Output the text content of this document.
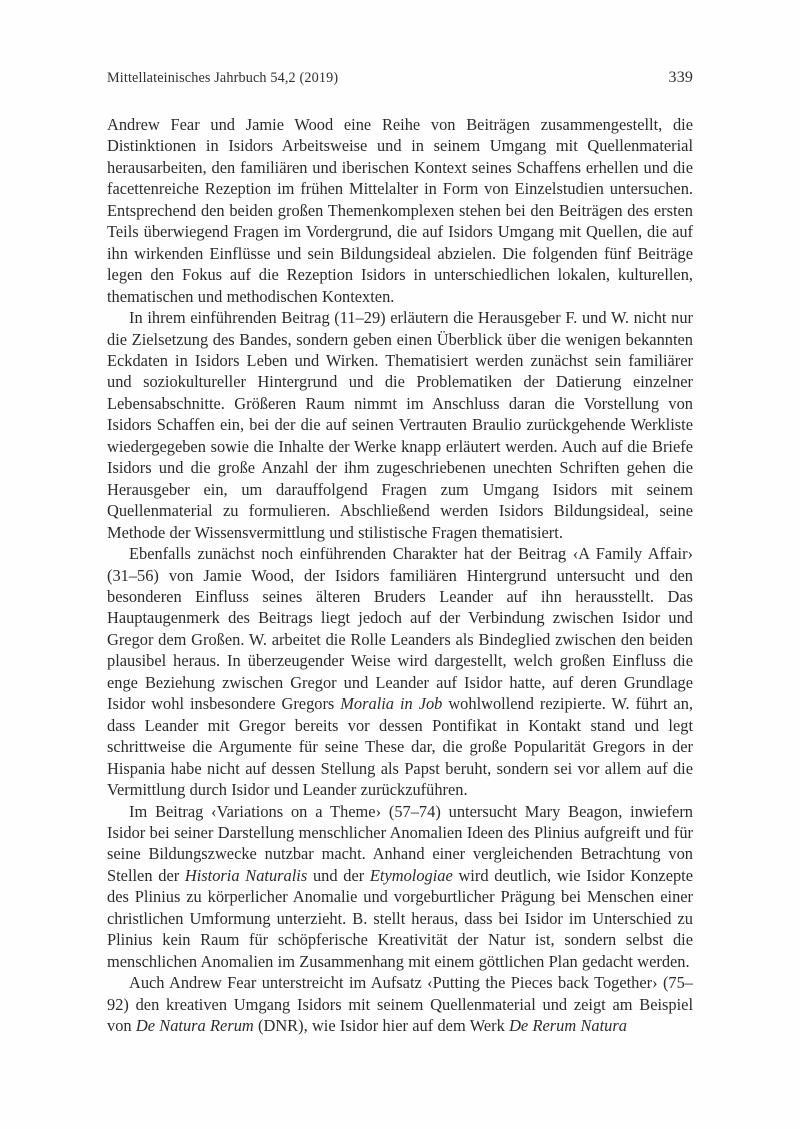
Mittellateinisches Jahrbuch 54,2 (2019)	339

Andrew Fear und Jamie Wood eine Reihe von Beiträgen zusammengestellt, die Distinktionen in Isidors Arbeitsweise und in seinem Umgang mit Quellenmaterial herausarbeiten, den familiären und iberischen Kontext seines Schaffens erhellen und die facettenreiche Rezeption im frühen Mittelalter in Form von Einzelstudien untersuchen. Entsprechend den beiden großen Themenkomplexen stehen bei den Beiträgen des ersten Teils überwiegend Fragen im Vordergrund, die auf Isidors Umgang mit Quellen, die auf ihn wirkenden Einflüsse und sein Bildungsideal abzielen. Die folgenden fünf Beiträge legen den Fokus auf die Rezeption Isidors in unterschiedlichen lokalen, kulturellen, thematischen und methodischen Kontexten.

In ihrem einführenden Beitrag (11–29) erläutern die Herausgeber F. und W. nicht nur die Zielsetzung des Bandes, sondern geben einen Überblick über die wenigen bekannten Eckdaten in Isidors Leben und Wirken. Thematisiert werden zunächst sein familiärer und soziokultureller Hintergrund und die Problematiken der Datierung einzelner Lebensabschnitte. Größeren Raum nimmt im Anschluss daran die Vorstellung von Isidors Schaffen ein, bei der die auf seinen Vertrauten Braulio zurückgehende Werkliste wiedergegeben sowie die Inhalte der Werke knapp erläutert werden. Auch auf die Briefe Isidors und die große Anzahl der ihm zugeschriebenen unechten Schriften gehen die Herausgeber ein, um darauffolgend Fragen zum Umgang Isidors mit seinem Quellenmaterial zu formulieren. Abschließend werden Isidors Bildungsideal, seine Methode der Wissensvermittlung und stilistische Fragen thematisiert.

Ebenfalls zunächst noch einführenden Charakter hat der Beitrag ‹A Family Affair› (31–56) von Jamie Wood, der Isidors familiären Hintergrund untersucht und den besonderen Einfluss seines älteren Bruders Leander auf ihn herausstellt. Das Hauptaugenmerk des Beitrags liegt jedoch auf der Verbindung zwischen Isidor und Gregor dem Großen. W. arbeitet die Rolle Leanders als Bindeglied zwischen den beiden plausibel heraus. In überzeugender Weise wird dargestellt, welch großen Einfluss die enge Beziehung zwischen Gregor und Leander auf Isidor hatte, auf deren Grundlage Isidor wohl insbesondere Gregors Moralia in Job wohlwollend rezipierte. W. führt an, dass Leander mit Gregor bereits vor dessen Pontifikat in Kontakt stand und legt schrittweise die Argumente für seine These dar, die große Popularität Gregors in der Hispania habe nicht auf dessen Stellung als Papst beruht, sondern sei vor allem auf die Vermittlung durch Isidor und Leander zurückzuführen.

Im Beitrag ‹Variations on a Theme› (57–74) untersucht Mary Beagon, inwiefern Isidor bei seiner Darstellung menschlicher Anomalien Ideen des Plinius aufgreift und für seine Bildungszwecke nutzbar macht. Anhand einer vergleichenden Betrachtung von Stellen der Historia Naturalis und der Etymologiae wird deutlich, wie Isidor Konzepte des Plinius zu körperlicher Anomalie und vorgeburtlicher Prägung bei Menschen einer christlichen Umformung unterzieht. B. stellt heraus, dass bei Isidor im Unterschied zu Plinius kein Raum für schöpferische Kreativität der Natur ist, sondern selbst die menschlichen Anomalien im Zusammenhang mit einem göttlichen Plan gedacht werden.

Auch Andrew Fear unterstreicht im Aufsatz ‹Putting the Pieces back Together› (75–92) den kreativen Umgang Isidors mit seinem Quellenmaterial und zeigt am Beispiel von De Natura Rerum (DNR), wie Isidor hier auf dem Werk De Rerum Natura
